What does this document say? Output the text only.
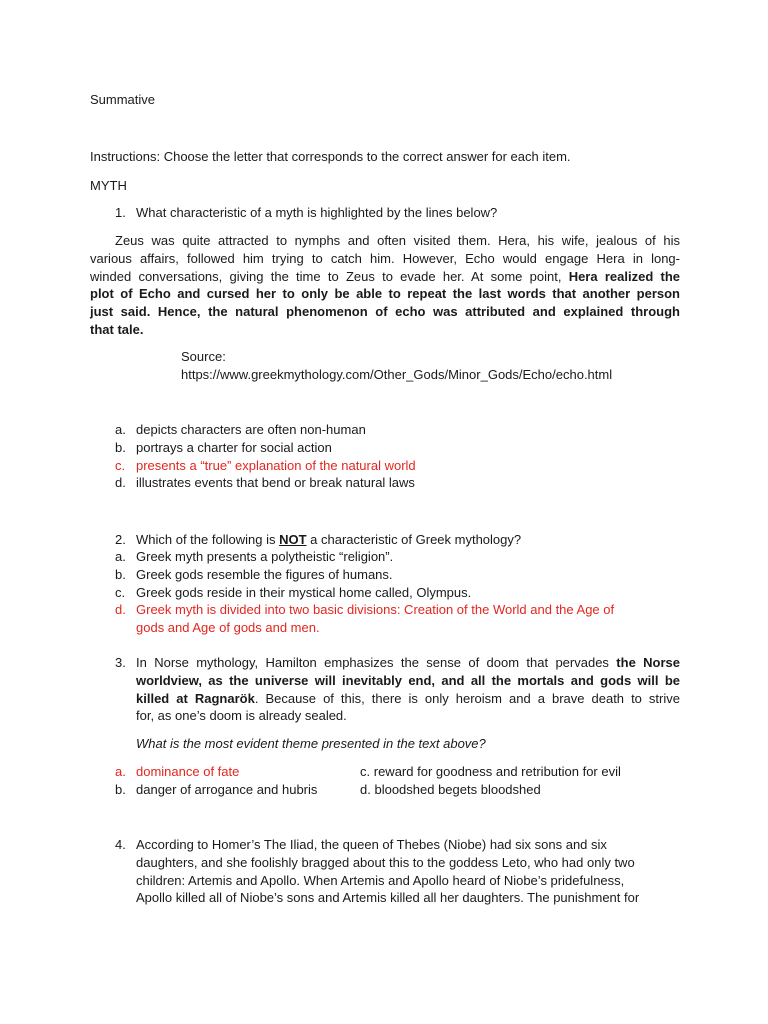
Summative
Instructions: Choose the letter that corresponds to the correct answer for each item.
MYTH
1. What characteristic of a myth is highlighted by the lines below?
Zeus was quite attracted to nymphs and often visited them. Hera, his wife, jealous of his
various affairs, followed him trying to catch him. However, Echo would engage Hera in long-
winded conversations, giving the time to Zeus to evade her. At some point, Hera realized the
plot of Echo and cursed her to only be able to repeat the last words that another person
just said. Hence, the natural phenomenon of echo was attributed and explained through
that tale.
Source:
https://www.greekmythology.com/Other_Gods/Minor_Gods/Echo/echo.html
a. depicts characters are often non-human
b. portrays a charter for social action
c. presents a “true” explanation of the natural world
d. illustrates events that bend or break natural laws
2. Which of the following is NOT a characteristic of Greek mythology?
a. Greek myth presents a polytheistic “religion”.
b. Greek gods resemble the figures of humans.
c. Greek gods reside in their mystical home called, Olympus.
d. Greek myth is divided into two basic divisions: Creation of the World and the Age of
gods and Age of gods and men.
3. In Norse mythology, Hamilton emphasizes the sense of doom that pervades the Norse
worldview, as the universe will inevitably end, and all the mortals and gods will be
killed at Ragnarök. Because of this, there is only heroism and a brave death to strive
for, as one’s doom is already sealed.
What is the most evident theme presented in the text above?
a. dominance of fate
b. danger of arrogance and hubris
c. reward for goodness and retribution for evil
d. bloodshed begets bloodshed
4. According to Homer’s The Iliad, the queen of Thebes (Niobe) had six sons and six
daughters, and she foolishly bragged about this to the goddess Leto, who had only two
children: Artemis and Apollo. When Artemis and Apollo heard of Niobe’s pridefulness,
Apollo killed all of Niobe’s sons and Artemis killed all her daughters. The punishment for
